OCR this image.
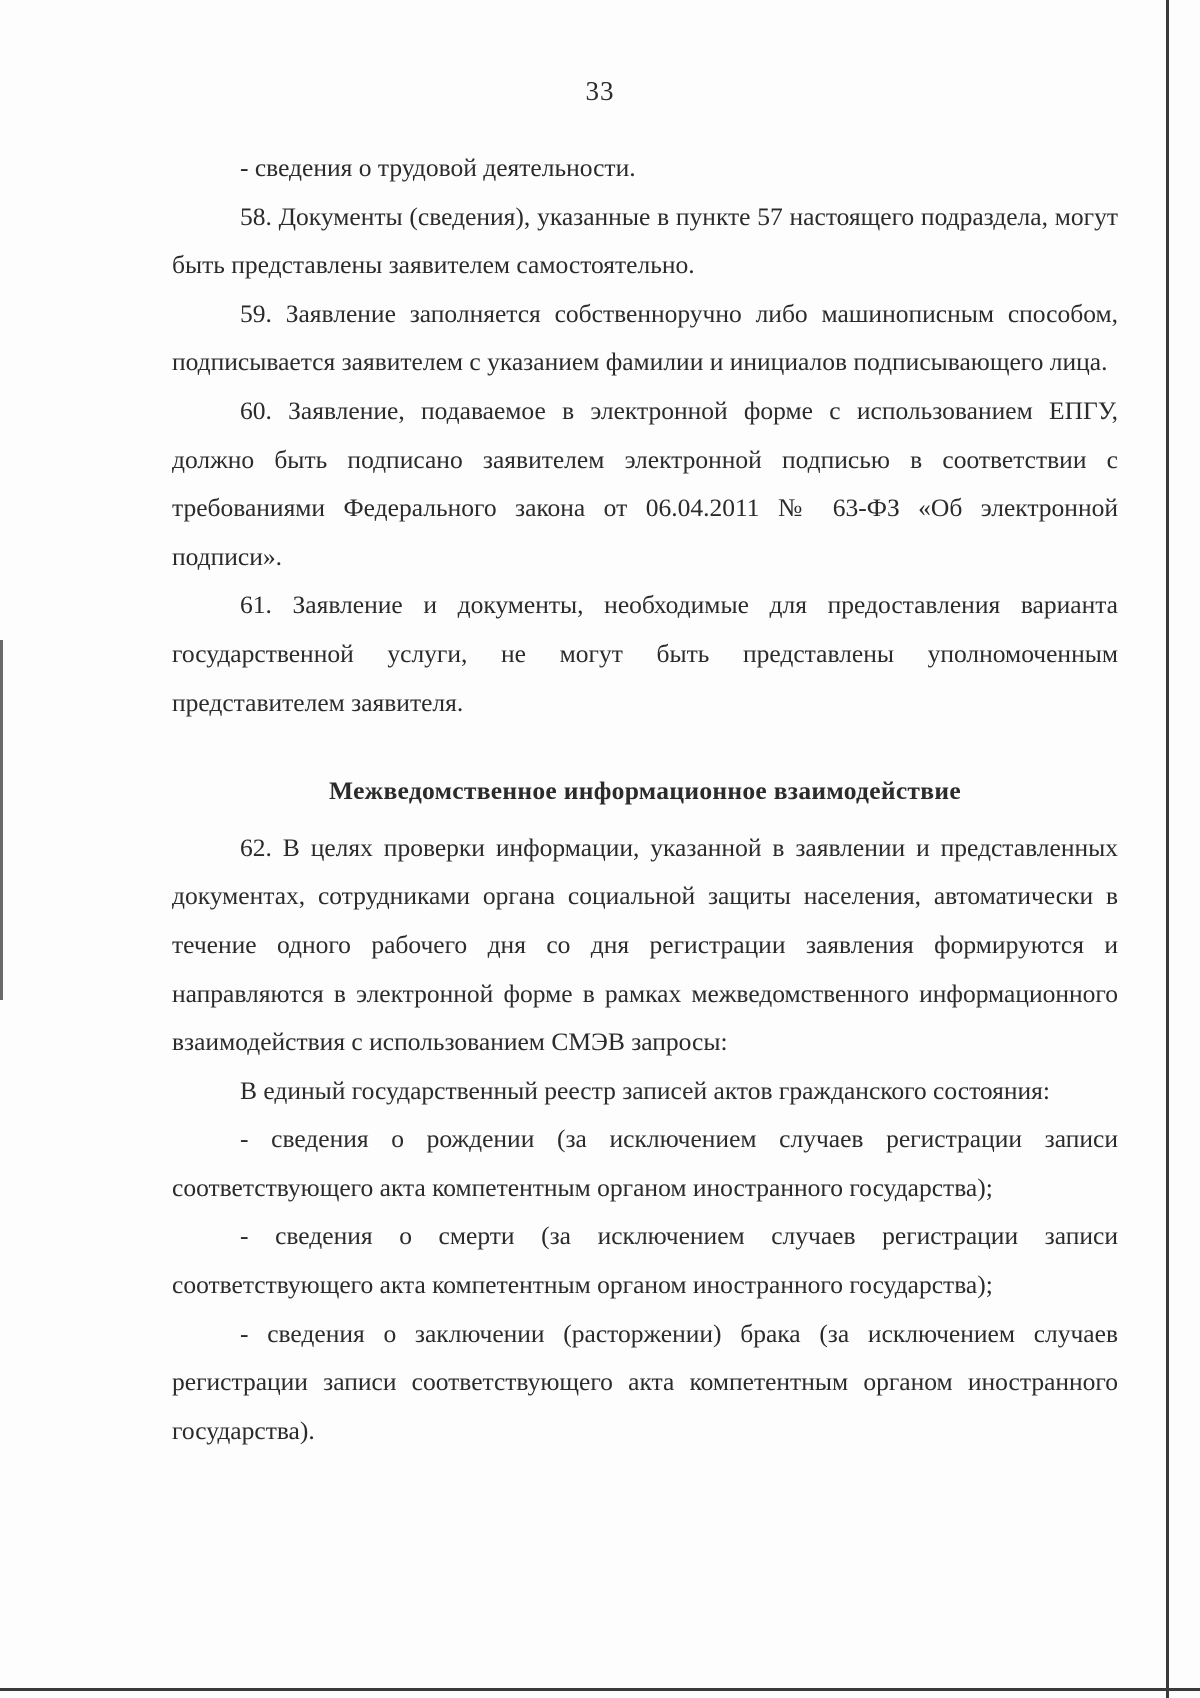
33

- сведения о трудовой деятельности.

58. Документы (сведения), указанные в пункте 57 настоящего подраздела, могут быть представлены заявителем самостоятельно.

59. Заявление заполняется собственноручно либо машинописным способом, подписывается заявителем с указанием фамилии и инициалов подписывающего лица.

60. Заявление, подаваемое в электронной форме с использованием ЕПГУ, должно быть подписано заявителем электронной подписью в соответствии с требованиями Федерального закона от 06.04.2011 № 63-ФЗ «Об электронной подписи».

61. Заявление и документы, необходимые для предоставления варианта государственной услуги, не могут быть представлены уполномоченным представителем заявителя.

Межведомственное информационное взаимодействие

62. В целях проверки информации, указанной в заявлении и представленных документах, сотрудниками органа социальной защиты населения, автоматически в течение одного рабочего дня со дня регистрации заявления формируются и направляются в электронной форме в рамках межведомственного информационного взаимодействия с использованием СМЭВ запросы:

В единый государственный реестр записей актов гражданского состояния:

- сведения о рождении (за исключением случаев регистрации записи соответствующего акта компетентным органом иностранного государства);

- сведения о смерти (за исключением случаев регистрации записи соответствующего акта компетентным органом иностранного государства);

- сведения о заключении (расторжении) брака (за исключением случаев регистрации записи соответствующего акта компетентным органом иностранного государства).
